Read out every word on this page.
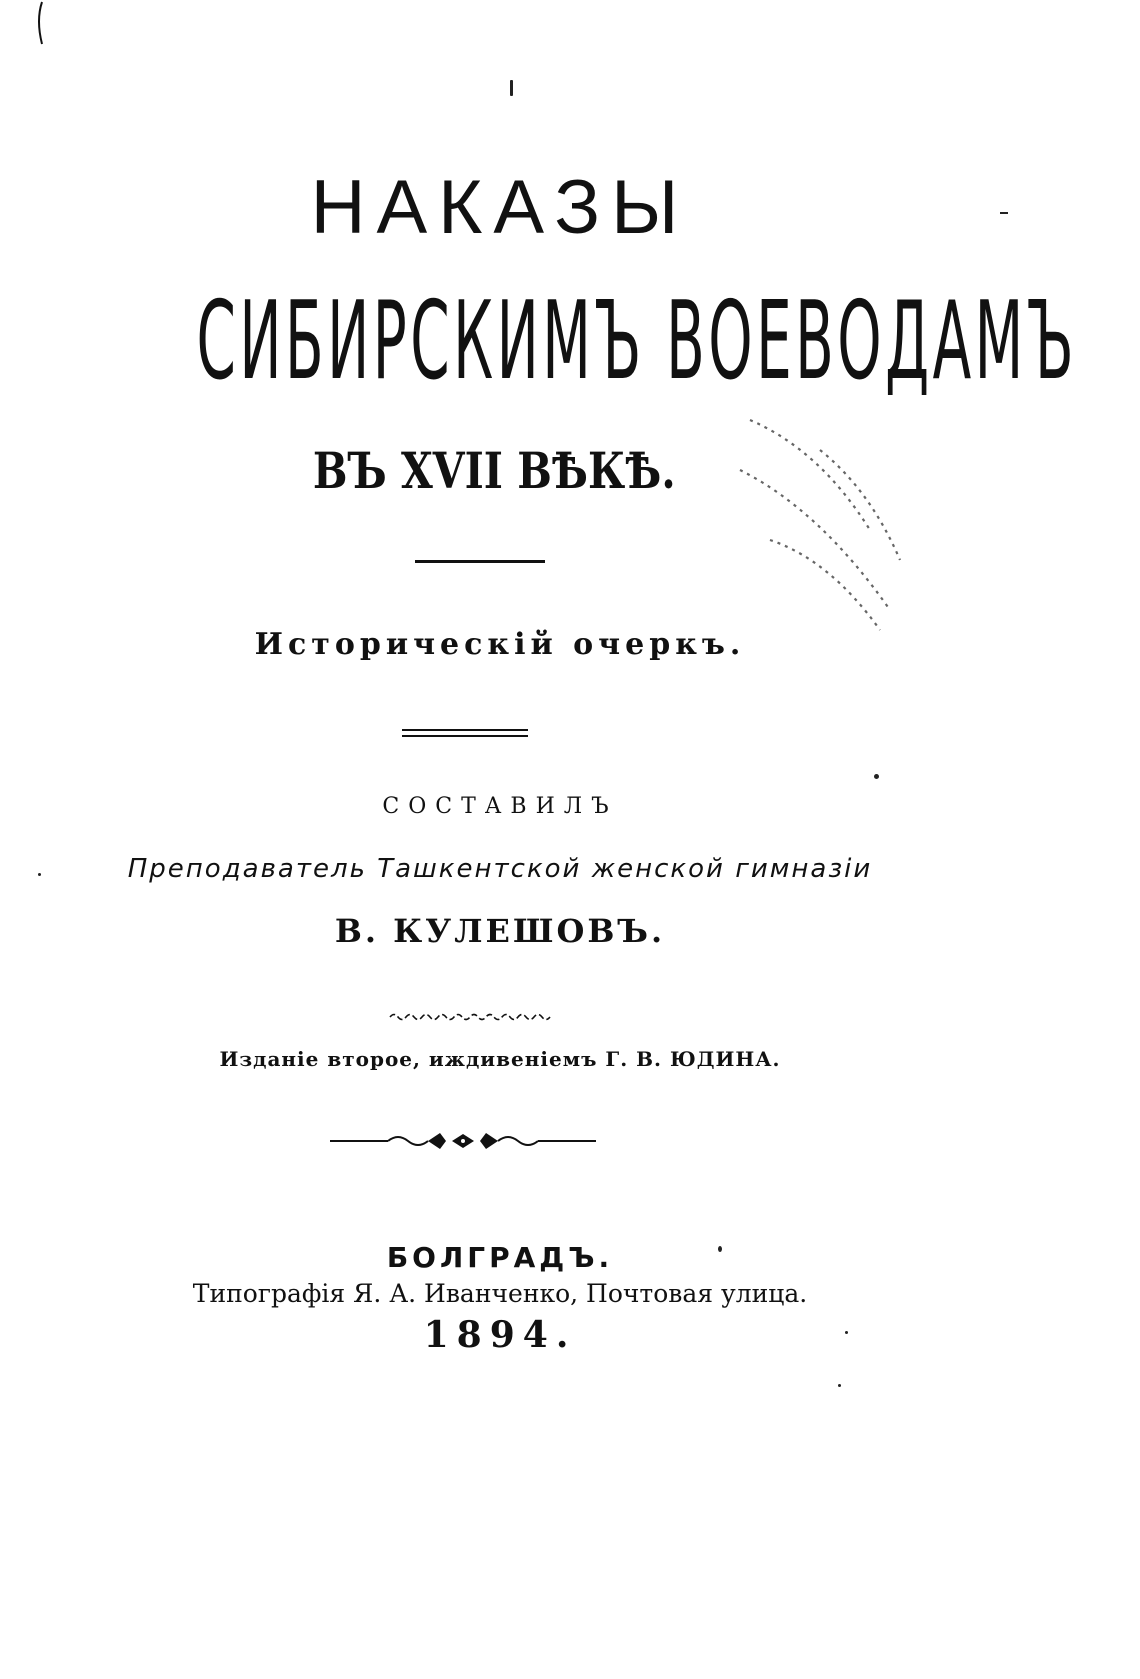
НАКАЗЫ
СИБИРСКИМЪ ВОЕВОДАМЪ
ВЪ XVII ВѢКѢ.
Историческій очеркъ.
СОСТАВИЛЪ
Преподаватель Ташкентской женской гимназіи
В. КУЛЕШОВЪ.
Изданіе второе, иждивеніемъ Г. В. ЮДИНА.
БОЛГРАДЪ.
Типографія Я. А. Иванченко, Почтовая улица.
1894.
